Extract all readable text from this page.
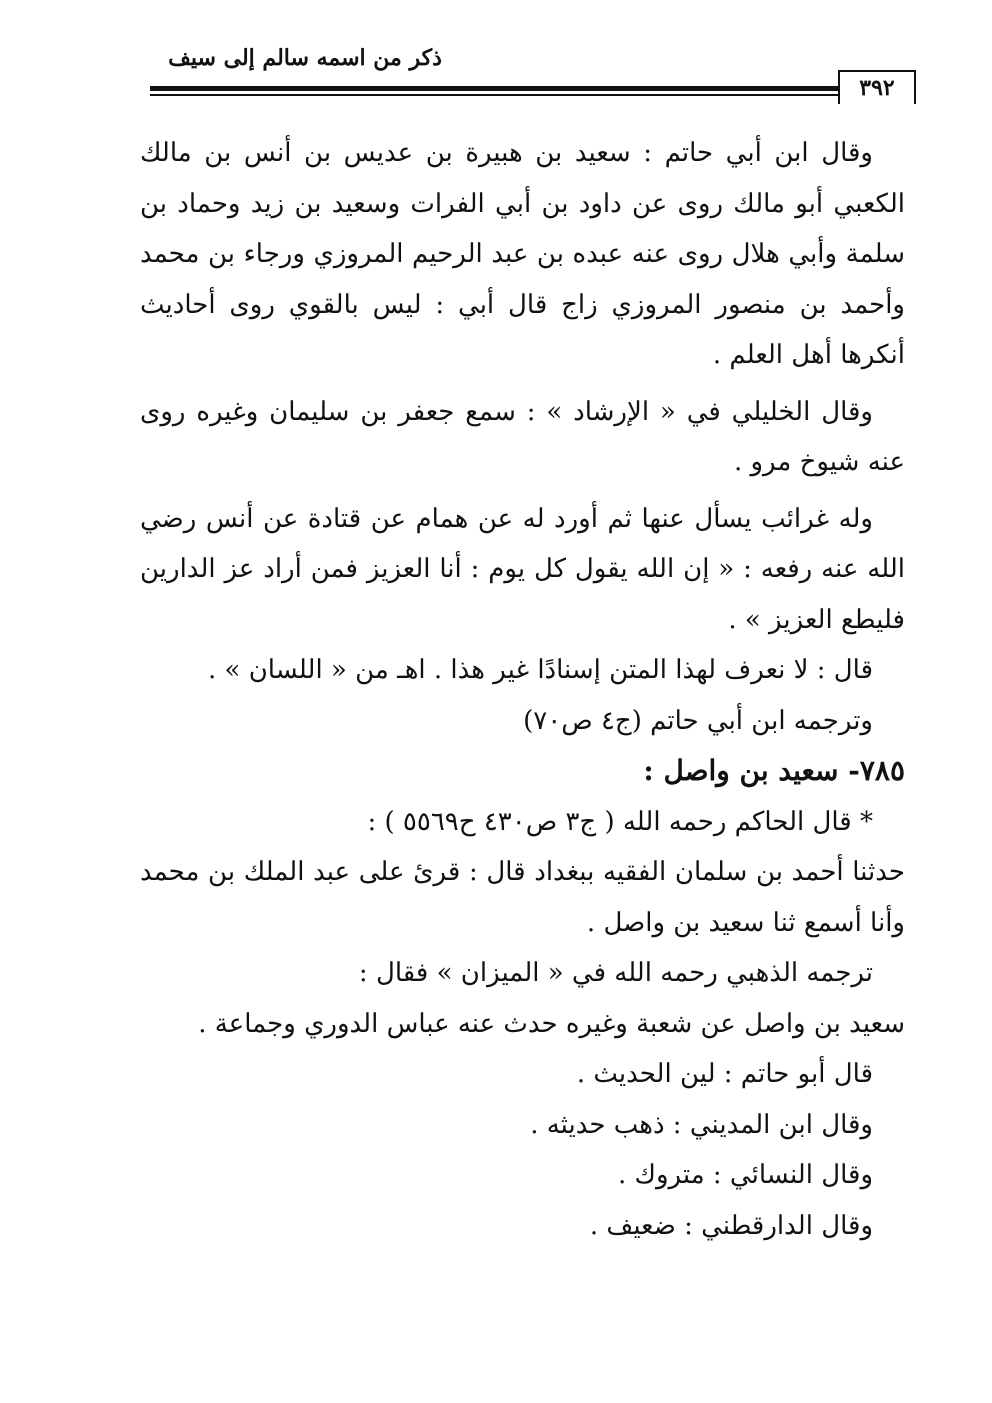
ذكر من اسمه سالم إلى سيف
٣٩٢

وقال ابن أبي حاتم : سعيد بن هبيرة بن عديس بن أنس بن مالك الكعبي أبو مالك روى عن داود بن أبي الفرات وسعيد بن زيد وحماد بن سلمة وأبي هلال روى عنه عبده بن عبد الرحيم المروزي ورجاء بن محمد وأحمد بن منصور المروزي زاج قال أبي : ليس بالقوي روى أحاديث أنكرها أهل العلم .

وقال الخليلي في « الإرشاد » : سمع جعفر بن سليمان وغيره روى عنه شيوخ مرو .

وله غرائب يسأل عنها ثم أورد له عن همام عن قتادة عن أنس رضي الله عنه رفعه : « إن الله يقول كل يوم : أنا العزيز فمن أراد عز الدارين فليطع العزيز » .

قال : لا نعرف لهذا المتن إسنادًا غير هذا . اهـ من « اللسان » .

وترجمه ابن أبي حاتم (ج٤ ص٧٠)

٧٨٥- سعيد بن واصل :

* قال الحاكم رحمه الله ( ج٣ ص٤٣٠ ح٥٥٦٩ ) :

حدثنا أحمد بن سلمان الفقيه ببغداد قال : قرئ على عبد الملك بن محمد وأنا أسمع ثنا سعيد بن واصل .

ترجمه الذهبي رحمه الله في « الميزان » فقال :

سعيد بن واصل عن شعبة وغيره حدث عنه عباس الدوري وجماعة .

قال أبو حاتم : لين الحديث .

وقال ابن المديني : ذهب حديثه .

وقال النسائي : متروك .

وقال الدارقطني : ضعيف .
